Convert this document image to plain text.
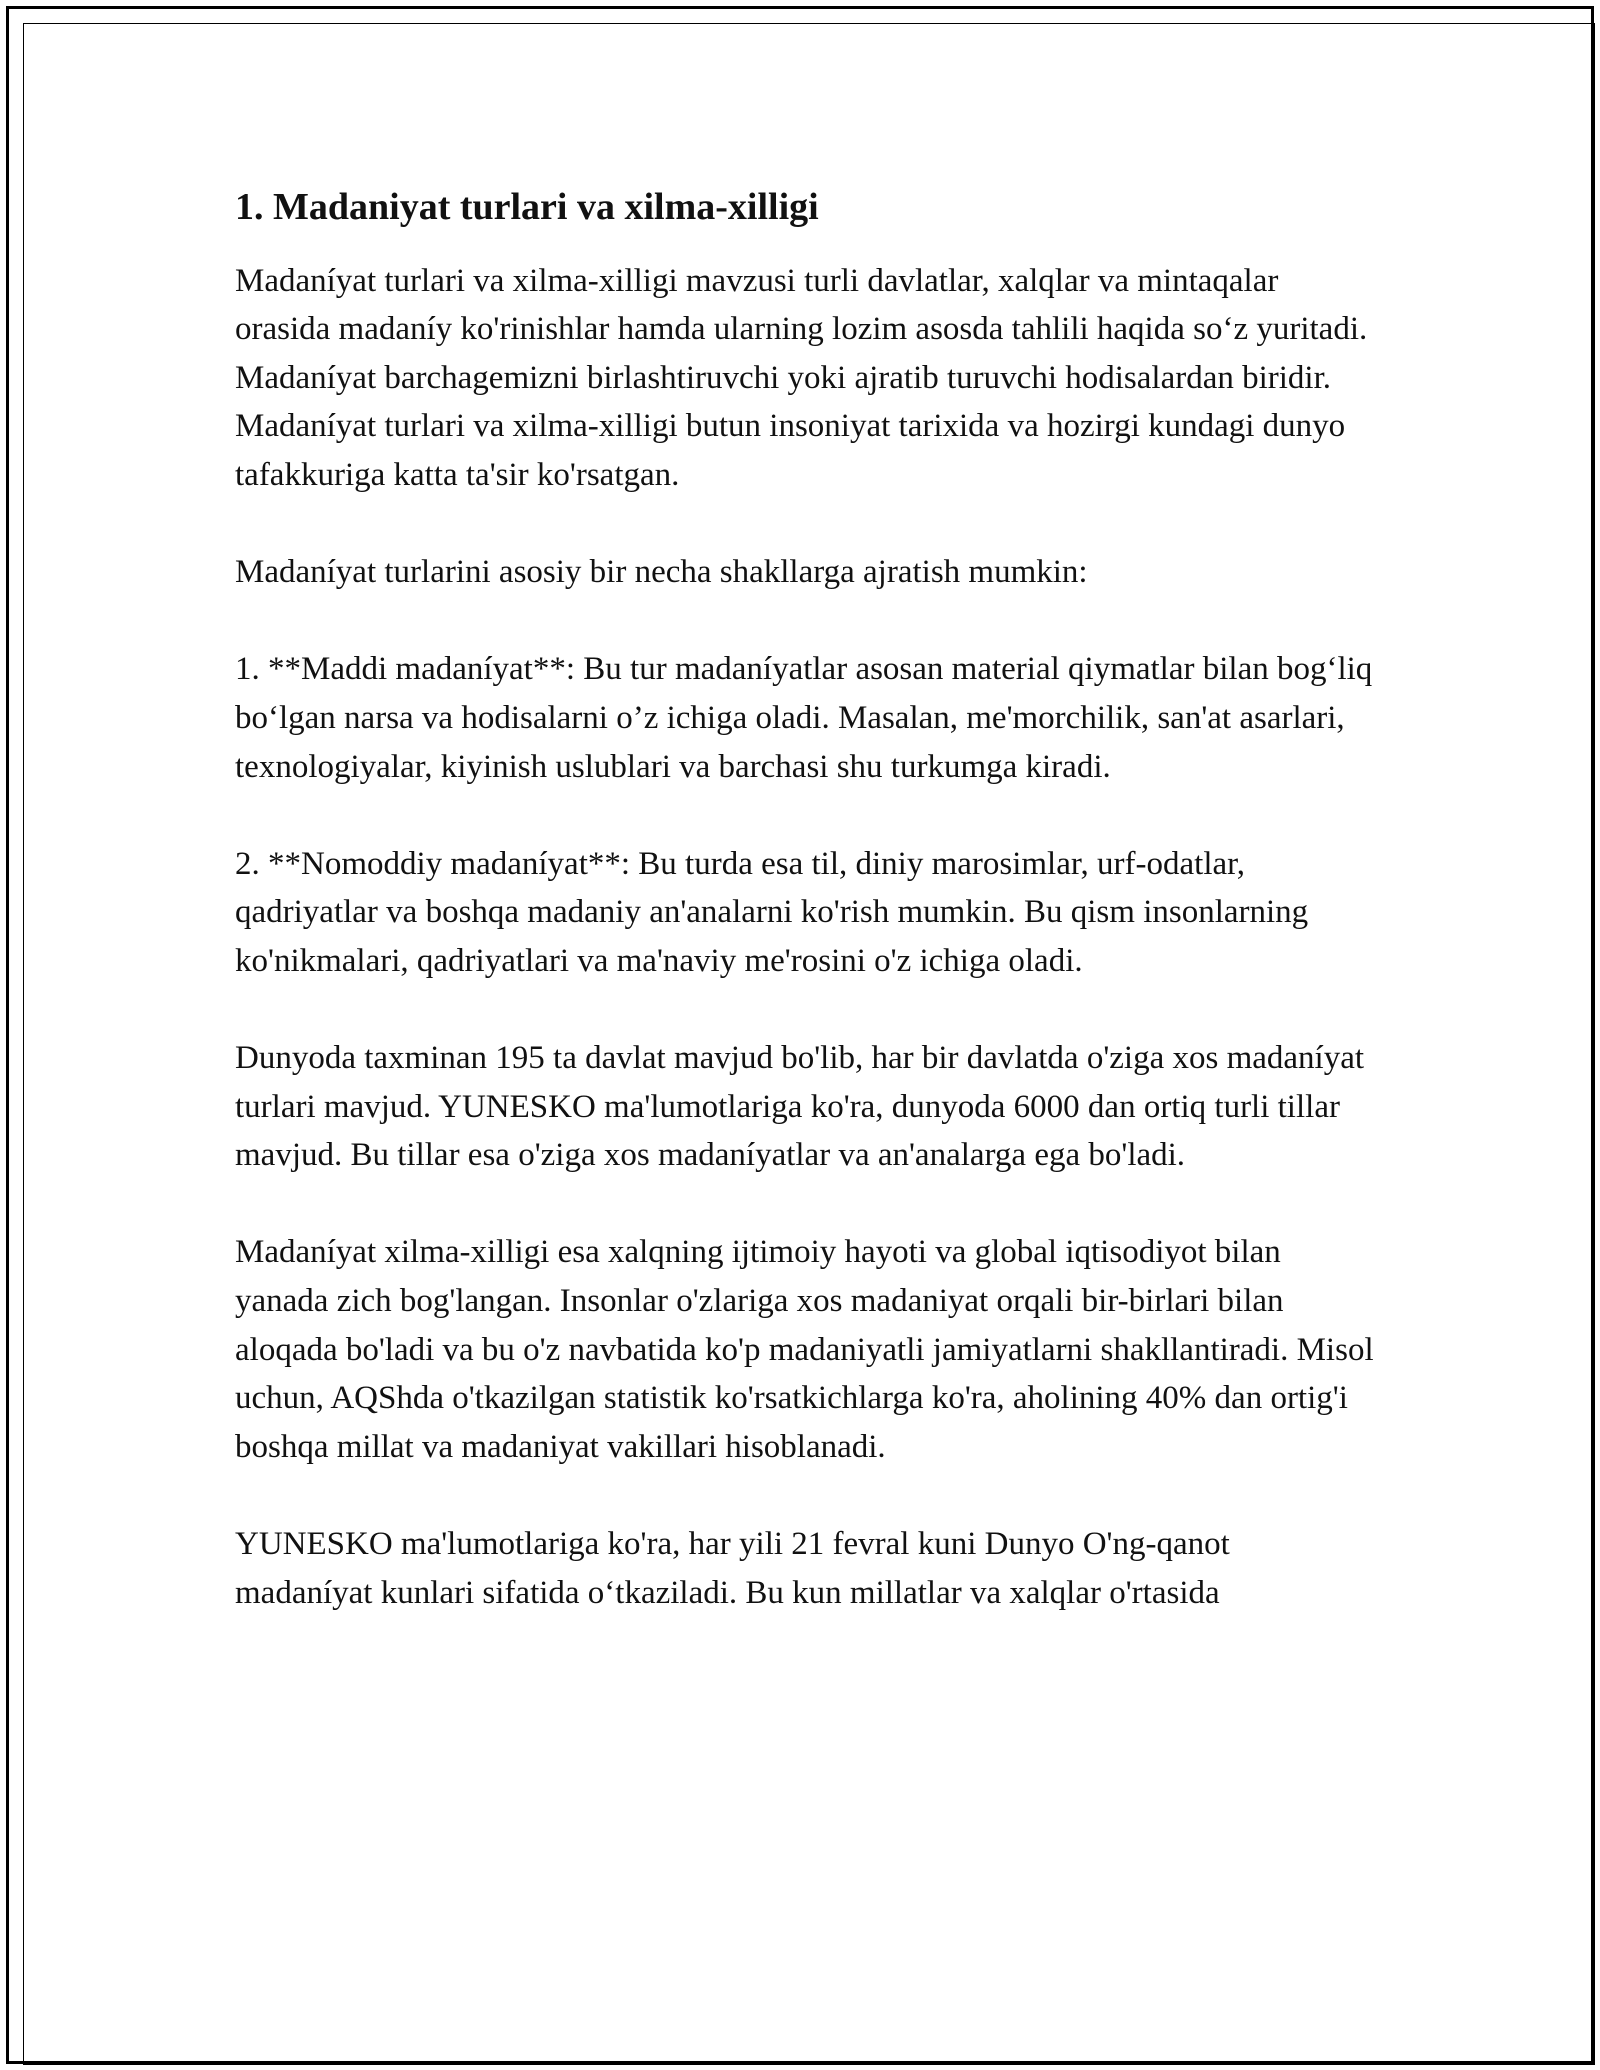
1. Madaniyat turlari va xilma-xilligi

Madaníyat turlari va xilma-xilligi mavzusi turli davlatlar, xalqlar va mintaqalar orasida madaníy ko'rinishlar hamda ularning lozim asosda tahlili haqida so‘z yuritadi. Madaníyat barchagemizni birlashtiruvchi yoki ajratib turuvchi hodisalardan biridir. Madaníyat turlari va xilma-xilligi butun insoniyat tarixida va hozirgi kundagi dunyo tafakkuriga katta ta'sir ko'rsatgan.

Madaníyat turlarini asosiy bir necha shakllarga ajratish mumkin:

1. **Maddi madaníyat**: Bu tur madaníyatlar asosan material qiymatlar bilan bog‘liq bo‘lgan narsa va hodisalarni o’z ichiga oladi. Masalan, me'morchilik, san'at asarlari, texnologiyalar, kiyinish uslublari va barchasi shu turkumga kiradi.

2. **Nomoddiy madaníyat**: Bu turda esa til, diniy marosimlar, urf-odatlar, qadriyatlar va boshqa madaniy an'analarni ko'rish mumkin. Bu qism insonlarning ko'nikmalari, qadriyatlari va ma'naviy me'rosini o'z ichiga oladi.

Dunyoda taxminan 195 ta davlat mavjud bo'lib, har bir davlatda o'ziga xos madaníyat turlari mavjud. YUNESKO ma'lumotlariga ko'ra, dunyoda 6000 dan ortiq turli tillar mavjud. Bu tillar esa o'ziga xos madaníyatlar va an'analarga ega bo'ladi.

Madaníyat xilma-xilligi esa xalqning ijtimoiy hayoti va global iqtisodiyot bilan yanada zich bog'langan. Insonlar o'zlariga xos madaniyat orqali bir-birlari bilan aloqada bo'ladi va bu o'z navbatida ko'p madaniyatli jamiyatlarni shakllantiradi. Misol uchun, AQShda o'tkazilgan statistik ko'rsatkichlarga ko'ra, aholining 40% dan ortig'i boshqa millat va madaniyat vakillari hisoblanadi.

YUNESKO ma'lumotlariga ko'ra, har yili 21 fevral kuni Dunyo O'ng-qanot madaníyat kunlari sifatida o‘tkaziladi. Bu kun millatlar va xalqlar o'rtasida
